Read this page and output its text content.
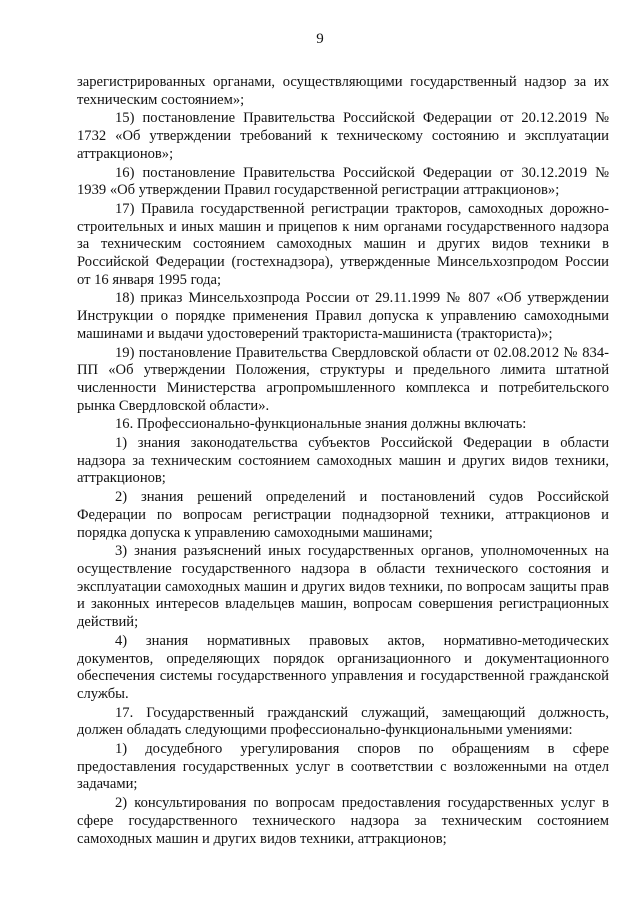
9

зарегистрированных органами, осуществляющими государственный надзор за их техническим состоянием»;

15) постановление Правительства Российской Федерации от 20.12.2019 № 1732 «Об утверждении требований к техническому состоянию и эксплуатации аттракционов»;

16) постановление Правительства Российской Федерации от 30.12.2019 № 1939 «Об утверждении Правил государственной регистрации аттракционов»;

17) Правила государственной регистрации тракторов, самоходных дорожно-строительных и иных машин и прицепов к ним органами государственного надзора за техническим состоянием самоходных машин и других видов техники в Российской Федерации (гостехнадзора), утвержденные Минсельхозпродом России от 16 января 1995 года;

18) приказ Минсельхозпрода России от 29.11.1999 № 807 «Об утверждении Инструкции о порядке применения Правил допуска к управлению самоходными машинами и выдачи удостоверений тракториста-машиниста (тракториста)»;

19) постановление Правительства Свердловской области от 02.08.2012 № 834-ПП «Об утверждении Положения, структуры и предельного лимита штатной численности Министерства агропромышленного комплекса и потребительского рынка Свердловской области».

16. Профессионально-функциональные знания должны включать:

1) знания законодательства субъектов Российской Федерации в области надзора за техническим состоянием самоходных машин и других видов техники, аттракционов;

2) знания решений определений и постановлений судов Российской Федерации по вопросам регистрации поднадзорной техники, аттракционов и порядка допуска к управлению самоходными машинами;

3) знания разъяснений иных государственных органов, уполномоченных на осуществление государственного надзора в области технического состояния и эксплуатации самоходных машин и других видов техники, по вопросам защиты прав и законных интересов владельцев машин, вопросам совершения регистрационных действий;

4) знания нормативных правовых актов, нормативно-методических документов, определяющих порядок организационного и документационного обеспечения системы государственного управления и государственной гражданской службы.

17. Государственный гражданский служащий, замещающий должность, должен обладать следующими профессионально-функциональными умениями:

1) досудебного урегулирования споров по обращениям в сфере предоставления государственных услуг в соответствии с возложенными на отдел задачами;

2) консультирования по вопросам предоставления государственных услуг в сфере государственного технического надзора за техническим состоянием самоходных машин и других видов техники, аттракционов;
